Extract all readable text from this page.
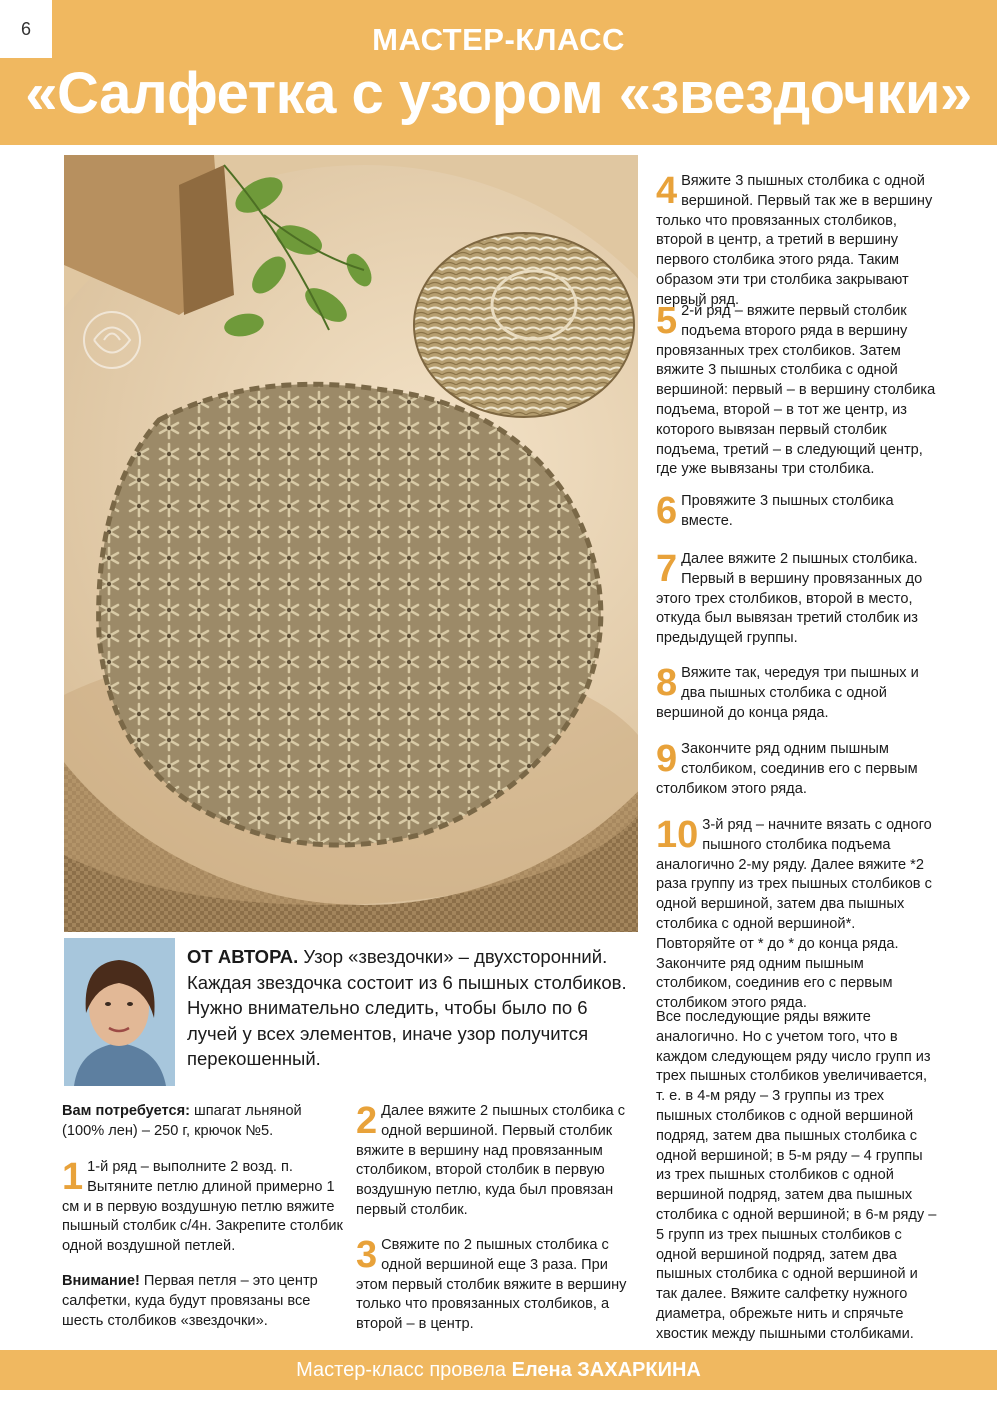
6	МАСТЕР-КЛАСС
«Салфетка с узором «звездочки»
ОТ АВТОРА. Узор «звездочки» – двухсторонний. Каждая звездочка состоит из 6 пышных столбиков. Нужно внимательно следить, чтобы было по 6 лучей у всех элементов, иначе узор получится перекошенный.
Вам потребуется: шпагат льняной (100% лен) – 250 г, крючок №5.
1 1-й ряд – выполните 2 возд. п. Вытяните петлю длиной примерно 1 см и в первую воздушную петлю вяжите пышный столбик с/4н. Закрепите столбик одной воздушной петлей.
Внимание! Первая петля – это центр салфетки, куда будут провязаны все шесть столбиков «звездочки».
2 Далее вяжите 2 пышных столбика с одной вершиной. Первый столбик вяжите в вершину над провязанным столбиком, второй столбик в первую воздушную петлю, куда был провязан первый столбик.
3 Свяжите по 2 пышных столбика с одной вершиной еще 3 раза. При этом первый столбик вяжите в вершину только что провязанных столбиков, а второй – в центр.
4 Вяжите 3 пышных столбика с одной вершиной. Первый так же в вершину только что провязанных столбиков, второй в центр, а третий в вершину первого столбика этого ряда. Таким образом эти три столбика закрывают первый ряд.
5 2-й ряд – вяжите первый столбик подъема второго ряда в вершину провязанных трех столбиков. Затем вяжите 3 пышных столбика с одной вершиной: первый – в вершину столбика подъема, второй – в тот же центр, из которого вывязан первый столбик подъема, третий – в следующий центр, где уже вывязаны три столбика.
6 Провяжите 3 пышных столбика вместе.
7 Далее вяжите 2 пышных столбика. Первый в вершину провязанных до этого трех столбиков, второй в место, откуда был вывязан третий столбик из предыдущей группы.
8 Вяжите так, чередуя три пышных и два пышных столбика с одной вершиной до конца ряда.
9 Закончите ряд одним пышным столбиком, соединив его с первым столбиком этого ряда.
10 3-й ряд – начните вязать с одного пышного столбика подъема аналогично 2-му ряду. Далее вяжите *2 раза группу из трех пышных столбиков с одной вершиной, затем два пышных столбика с одной вершиной*. Повторяйте от * до * до конца ряда. Закончите ряд одним пышным столбиком, соединив его с первым столбиком этого ряда.
Все последующие ряды вяжите аналогично. Но с учетом того, что в каждом следующем ряду число групп из трех пышных столбиков увеличивается, т. е. в 4-м ряду – 3 группы из трех пышных столбиков с одной вершиной подряд, затем два пышных столбика с одной вершиной; в 5-м ряду – 4 группы из трех пышных столбиков с одной вершиной подряд, затем два пышных столбика с одной вершиной; в 6-м ряду – 5 групп из трех пышных столбиков с одной вершиной подряд, затем два пышных столбика с одной вершиной и так далее. Вяжите салфетку нужного диаметра, обрежьте нить и спрячьте хвостик между пышными столбиками.
Мастер-класс провела Елена ЗАХАРКИНА
